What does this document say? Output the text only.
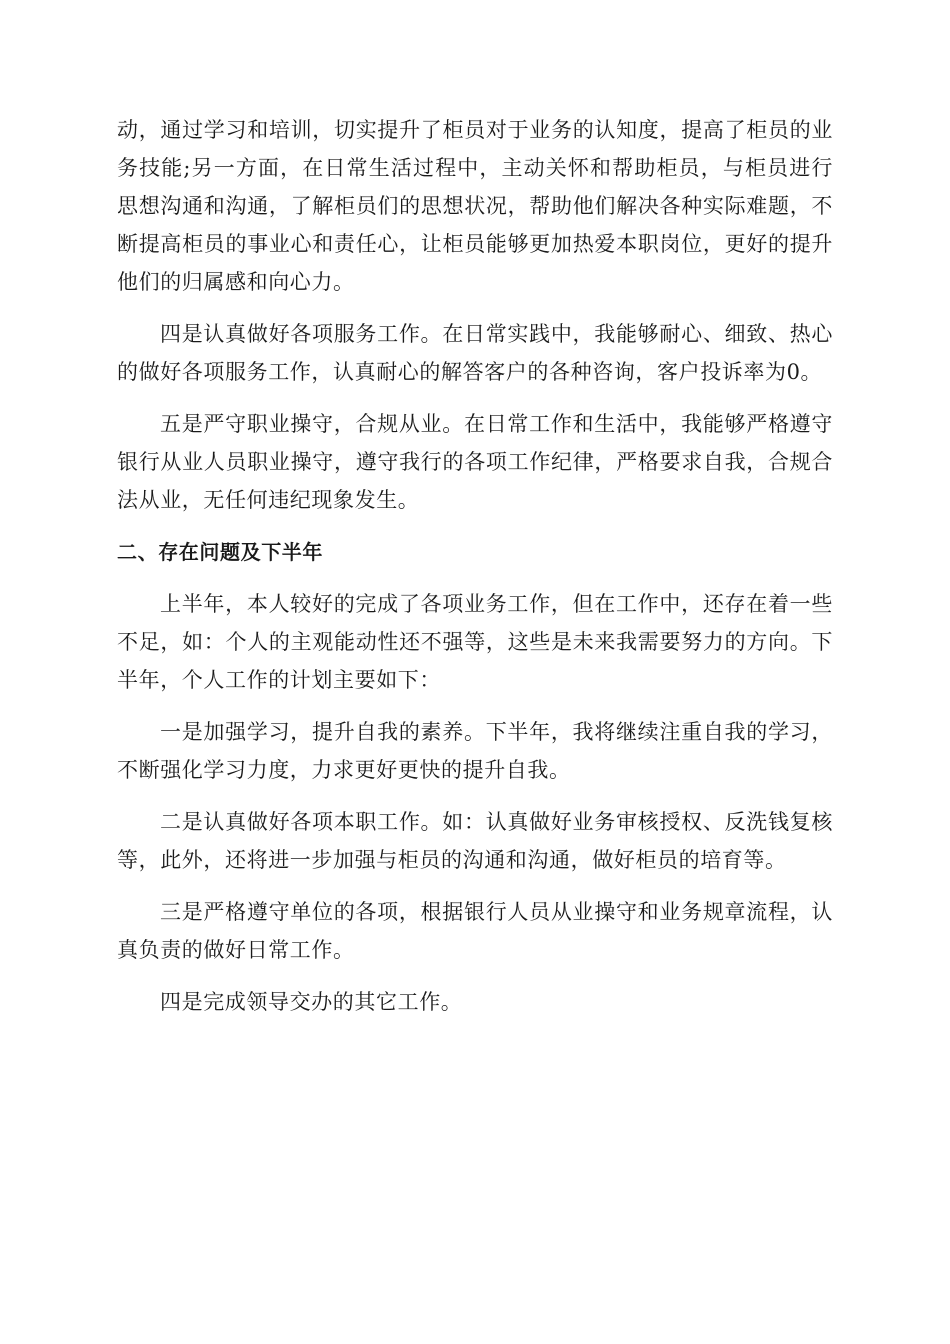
动，通过学习和培训，切实提升了柜员对于业务的认知度，提高了柜员的业务技能;另一方面，在日常生活过程中，主动关怀和帮助柜员，与柜员进行思想沟通和沟通，了解柜员们的思想状况，帮助他们解决各种实际难题，不断提高柜员的事业心和责任心，让柜员能够更加热爱本职岗位，更好的提升他们的归属感和向心力。

四是认真做好各项服务工作。在日常实践中，我能够耐心、细致、热心的做好各项服务工作，认真耐心的解答客户的各种咨询，客户投诉率为0。

五是严守职业操守，合规从业。在日常工作和生活中，我能够严格遵守银行从业人员职业操守，遵守我行的各项工作纪律，严格要求自我，合规合法从业，无任何违纪现象发生。

二、存在问题及下半年

上半年，本人较好的完成了各项业务工作，但在工作中，还存在着一些不足，如：个人的主观能动性还不强等，这些是未来我需要努力的方向。下半年，个人工作的计划主要如下：

一是加强学习，提升自我的素养。下半年，我将继续注重自我的学习，不断强化学习力度，力求更好更快的提升自我。

二是认真做好各项本职工作。如：认真做好业务审核授权、反洗钱复核等，此外，还将进一步加强与柜员的沟通和沟通，做好柜员的培育等。

三是严格遵守单位的各项，根据银行人员从业操守和业务规章流程，认真负责的做好日常工作。

四是完成领导交办的其它工作。
